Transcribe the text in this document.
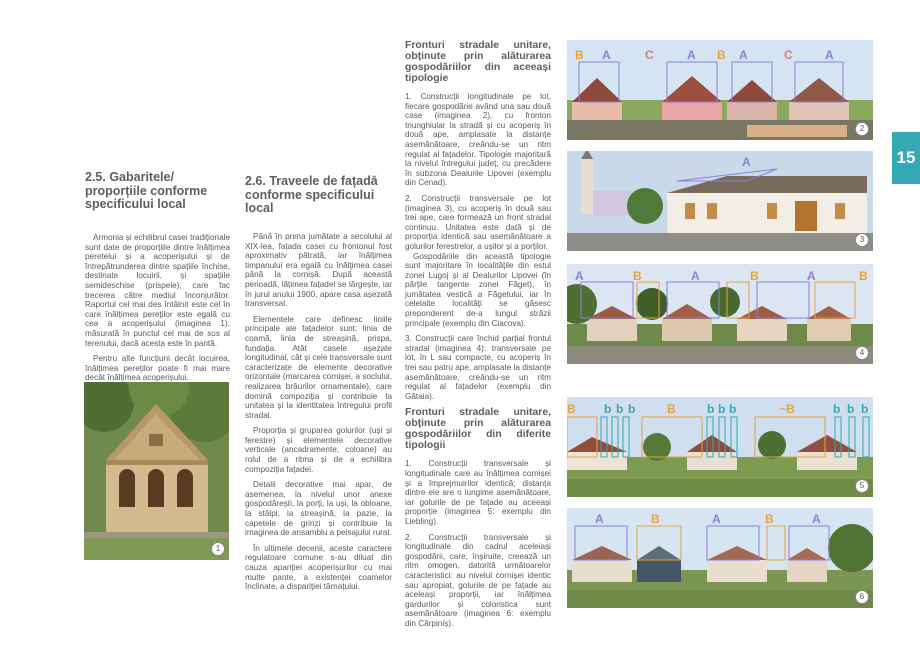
2.5. Gabaritele/ proporțiile conforme specificului local

Armonia și echilibrul casei tradiționale sunt date de proporțiile dintre înălțimea peretelui și a acoperișului și de întrepătrunderea dintre spațiile închise, destinate locuirii, și spațiile semideschise (prispele), care fac trecerea către mediul înconjurător. Raportul cel mai des întâlnit este cel în care înălțimea pereților este egală cu cea a acoperișului (imaginea 1), măsurată în punctul cel mai de sus al terenului, dacă acesta este în pantă.

Pentru alte funcțiuni decât locuirea, înălțimea pereților poate fi mai mare decât înălțimea acoperișului.

1
2.6. Traveele de fațadă conforme specificului local

Până în prima jumătate a secolului al XIX-lea, fațada casei cu frontonul fost aproximativ pătrată, iar înălțimea timpanului era egală cu înălțimea casei până la cornișă. După această perioadă, lățimea fațadei se lărgește, iar în jurul anului 1900, apare casa așezată transversal.

Elementele care definesc liniile principale ale fațadelor sunt: linia de coamă, linia de streașină, prispa, fundația. Atât casele așezate longitudinal, cât și cele transversale sunt caracterizate de elemente decorative orizontale (marcarea cornișei, a soclului, realizarea brâurilor ornamentale), care domină compoziția și contribuie la unitatea și la identitatea întregului profil stradal.

Proporția și gruparea golurilor (uși și ferestre) și elementele decorative verticale (ancadramente, coloane) au rolul de a ritma și de a echilibra compoziția fațadei.

Detalii decorative mai apar, de asemenea, la nivelul unor anexe gospodărești, la porți, la uși, la obloane, la stâlpi, la streașină, la pazie, la capetele de grinzi și contribuie la imaginea de ansamblu a peisajului rural.

În ultimele decenii, aceste caractere regulatoare comune s-au diluat din cauza apariției acoperișurilor cu mai multe pante, a existenței coamelor înclinate, a dispariției târnațului.

Fronturi stradale unitare, obținute prin alăturarea gospodăriilor din aceeași tipologie

1. Construcții longitudinale pe lot, fiecare gospodărie având una sau două case (imaginea 2), cu fronton triunghiular la stradă și cu acoperiș în două ape, amplasate la distanțe asemănătoare, creându-se un ritm regulat al fațadelor. Tipologie majoritară la nivelul întregului județ, cu precădere în subzona Dealurile Lipovei (exemplu din Cenad).

2. Construcții transversale pe lot (imaginea 3), cu acoperiș în două sau trei ape, care formează un front stradal continuu. Unitatea este dată și de proporția identică sau asemănătoare a golurilor ferestrelor, a ușilor și a porților.

Gospodăriile din această tipologie sunt majoritare în localitățile din estul zonei Lugoj și al Dealurilor Lipovei (în părțile tangente zonei Făget), în jumătatea vestică a Făgetului, iar în celelalte localități se găsesc preponderent de-a lungul străzii principale (exemplu din Ciacova).

3. Construcții care închid parțial frontul stradal (imaginea 4): transversale pe lot, în L sau compacte, cu acoperiș în trei sau patru ape, amplasate la distanțe asemănătoare, creându-se un ritm regulat al fațadelor (exemplu din Gătaia).

Fronturi stradale unitare, obținute prin alăturarea gospodăriilor din diferite tipologii

1. Construcții transversale și longitudinale care au înălțimea cornișei și a împrejmuirilor identică; distanța dintre ele are o lungime asemănătoare, iar golurile de pe fațade au aceeași proporție (imaginea 5: exemplu din Liebling).

2. Construcții transversale și longitudinale din cadrul aceleiași gospodării, care, înșiruite, creează un ritm omogen, datorită următoarelor caracteristici: au nivelul cornișei identic sau apropiat, golurile de pe fațade au aceleași proporții, iar înălțimea gardurilor și coloristica sunt asemănătoare (imaginea 6: exemplu din Cărpiniș).

B A	C	A B A	C	A
2
A
3
A	B	A	B	A	B
4
B b b b	B	b b b	~B	b b b
5
A	B	A	B	A
6
15
